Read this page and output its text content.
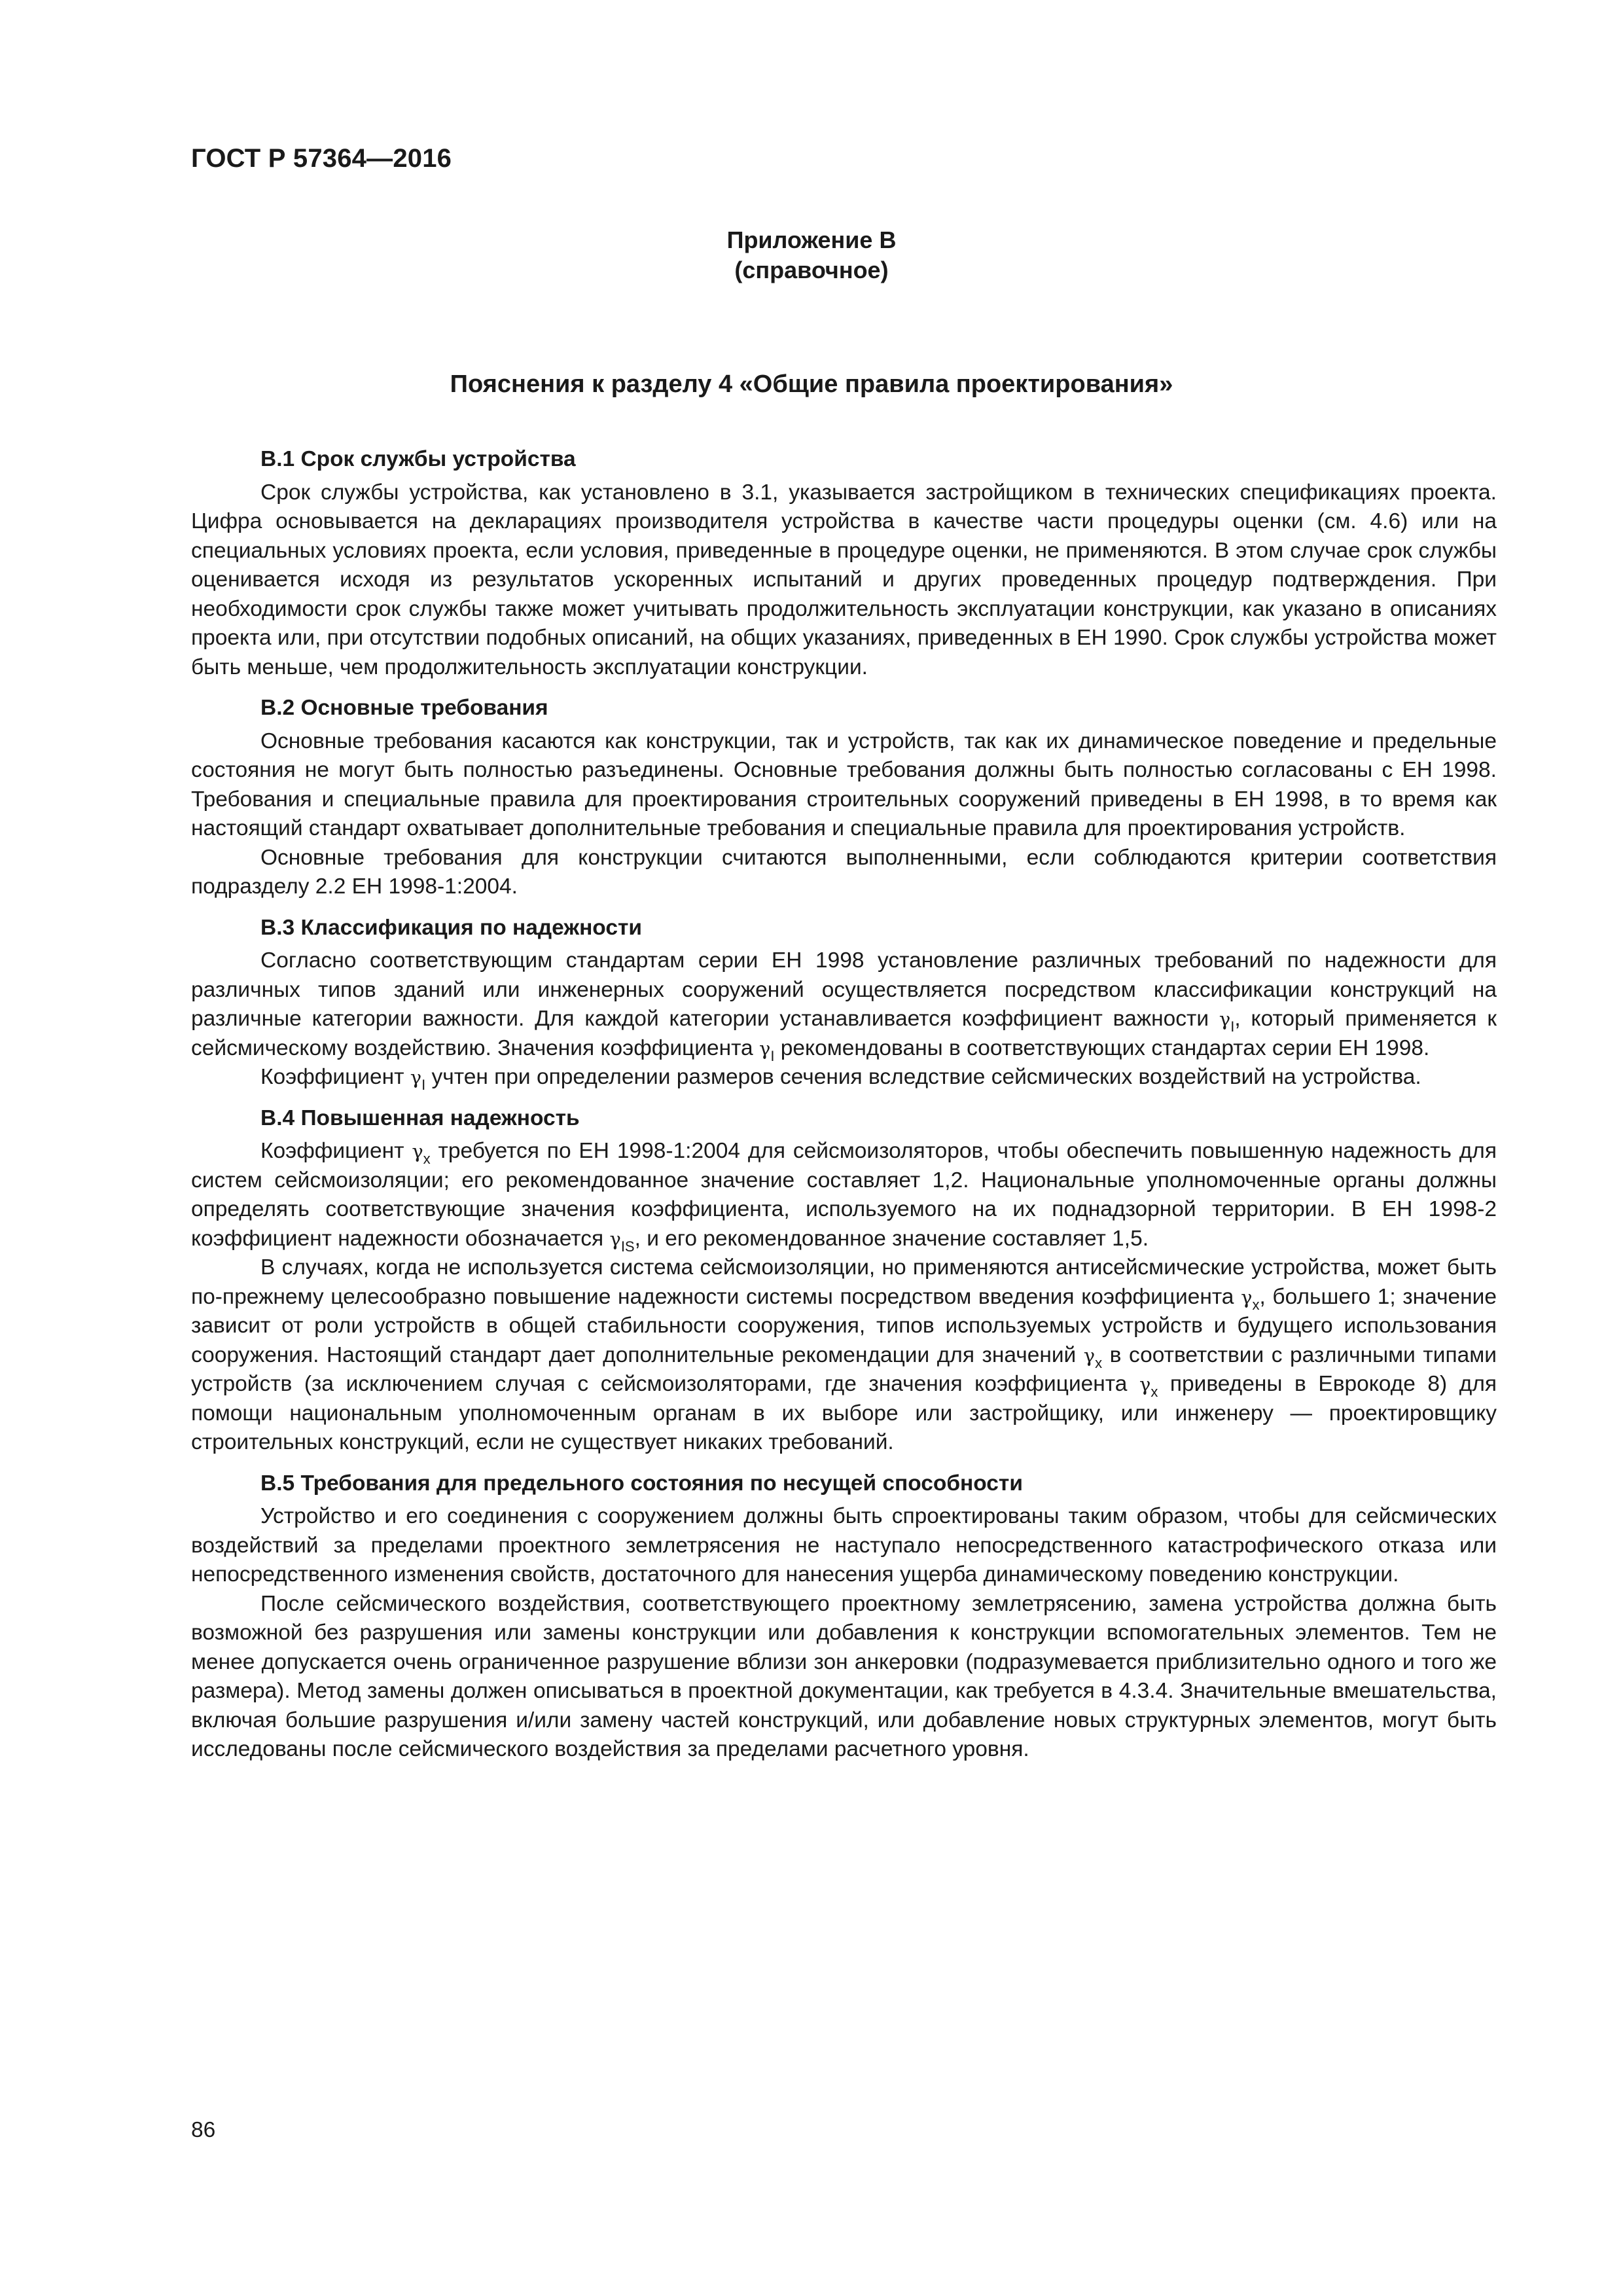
ГОСТ Р 57364—2016
Приложение В
(справочное)
Пояснения к разделу 4 «Общие правила проектирования»

В.1 Срок службы устройства

Срок службы устройства, как установлено в 3.1, указывается застройщиком в технических спецификациях проекта. Цифра основывается на декларациях производителя устройства в качестве части процедуры оценки (см. 4.6) или на специальных условиях проекта, если условия, приведенные в процедуре оценки, не применяются. В этом случае срок службы оценивается исходя из результатов ускоренных испытаний и других проведенных процедур подтверждения. При необходимости срок службы также может учитывать продолжительность эксплуатации конструкции, как указано в описаниях проекта или, при отсутствии подобных описаний, на общих указаниях, приведенных в ЕН 1990. Срок службы устройства может быть меньше, чем продолжительность эксплуатации конструкции.

В.2 Основные требования

Основные требования касаются как конструкции, так и устройств, так как их динамическое поведение и предельные состояния не могут быть полностью разъединены. Основные требования должны быть полностью согласованы с ЕН 1998. Требования и специальные правила для проектирования строительных сооружений приведены в ЕН 1998, в то время как настоящий стандарт охватывает дополнительные требования и специальные правила для проектирования устройств.

Основные требования для конструкции считаются выполненными, если соблюдаются критерии соответствия подразделу 2.2 ЕН 1998-1:2004.

В.3 Классификация по надежности

Согласно соответствующим стандартам серии ЕН 1998 установление различных требований по надежности для различных типов зданий или инженерных сооружений осуществляется посредством классификации конструкций на различные категории важности. Для каждой категории устанавливается коэффициент важности $\gamma_I$, который применяется к сейсмическому воздействию. Значения коэффициента $\gamma_I$ рекомендованы в соответствующих стандартах серии ЕН 1998.

Коэффициент $\gamma_I$ учтен при определении размеров сечения вследствие сейсмических воздействий на устройства.

В.4 Повышенная надежность

Коэффициент $\gamma_x$ требуется по ЕН 1998-1:2004 для сейсмоизоляторов, чтобы обеспечить повышенную надежность для систем сейсмоизоляции; его рекомендованное значение составляет 1,2. Национальные уполномоченные органы должны определять соответствующие значения коэффициента, используемого на их поднадзорной территории. В ЕН 1998-2 коэффициент надежности обозначается $\gamma_{IS}$, и его рекомендованное значение составляет 1,5.

В случаях, когда не используется система сейсмоизоляции, но применяются антисейсмические устройства, может быть по-прежнему целесообразно повышение надежности системы посредством введения коэффициента $\gamma_x$, большего 1; значение зависит от роли устройств в общей стабильности сооружения, типов используемых устройств и будущего использования сооружения. Настоящий стандарт дает дополнительные рекомендации для значений $\gamma_x$ в соответствии с различными типами устройств (за исключением случая с сейсмоизоляторами, где значения коэффициента $\gamma_x$ приведены в Еврокоде 8) для помощи национальным уполномоченным органам в их выборе или застройщику, или инженеру — проектировщику строительных конструкций, если не существует никаких требований.

В.5 Требования для предельного состояния по несущей способности

Устройство и его соединения с сооружением должны быть спроектированы таким образом, чтобы для сейсмических воздействий за пределами проектного землетрясения не наступало непосредственного катастрофического отказа или непосредственного изменения свойств, достаточного для нанесения ущерба динамическому поведению конструкции.

После сейсмического воздействия, соответствующего проектному землетрясению, замена устройства должна быть возможной без разрушения или замены конструкции или добавления к конструкции вспомогательных элементов. Тем не менее допускается очень ограниченное разрушение вблизи зон анкеровки (подразумевается приблизительно одного и того же размера). Метод замены должен описываться в проектной документации, как требуется в 4.3.4. Значительные вмешательства, включая большие разрушения и/или замену частей конструкций, или добавление новых структурных элементов, могут быть исследованы после сейсмического воздействия за пределами расчетного уровня.

86
